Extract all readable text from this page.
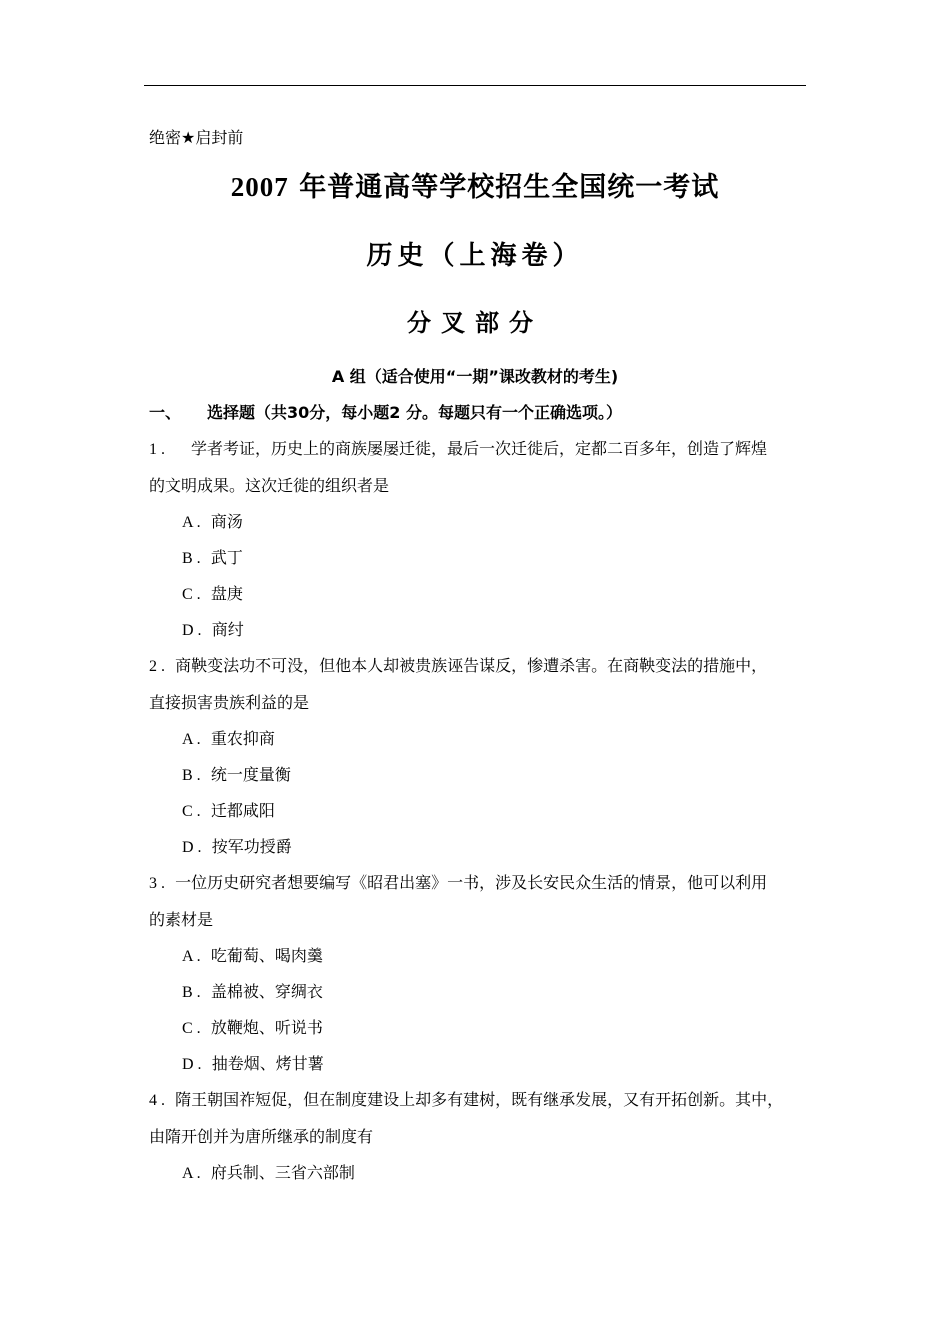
绝密★启封前
2007 年普通高等学校招生全国统一考试
历史（上海卷）
分叉部分
A 组（适合使用“一期”课改教材的考生)
一、 选择题（共30分，每小题2 分。每题只有一个正确选项。）
1 . 学者考证，历史上的商族屡屡迁徙，最后一次迁徙后，定都二百多年，创造了辉煌
的文明成果。这次迁徙的组织者是
A . 商汤
B . 武丁
C . 盘庚
D . 商纣
2 . 商鞅变法功不可没，但他本人却被贵族诬告谋反，惨遭杀害。在商鞅变法的措施中，
直接损害贵族利益的是
A . 重农抑商
B . 统一度量衡
C . 迁都咸阳
D . 按军功授爵
3 . 一位历史研究者想要编写《昭君出塞》一书，涉及长安民众生活的情景，他可以利用
的素材是
A . 吃葡萄、喝肉羹
B . 盖棉被、穿绸衣
C . 放鞭炮、听说书
D . 抽卷烟、烤甘薯
4 . 隋王朝国祚短促，但在制度建设上却多有建树，既有继承发展，又有开拓创新。其中，
由隋开创并为唐所继承的制度有
A . 府兵制、三省六部制
